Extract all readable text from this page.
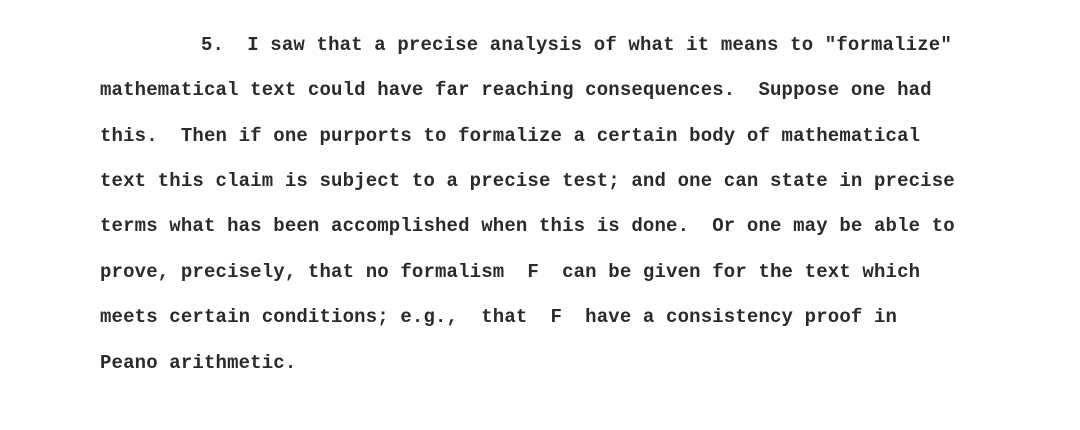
5.  I saw that a precise analysis of what it means to "formalize"

mathematical text could have far reaching consequences.  Suppose one had

this.  Then if one purports to formalize a certain body of mathematical

text this claim is subject to a precise test; and one can state in precise

terms what has been accomplished when this is done.  Or one may be able to

prove, precisely, that no formalism  F  can be given for the text which

meets certain conditions; e.g.,  that  F  have a consistency proof in

Peano arithmetic.
